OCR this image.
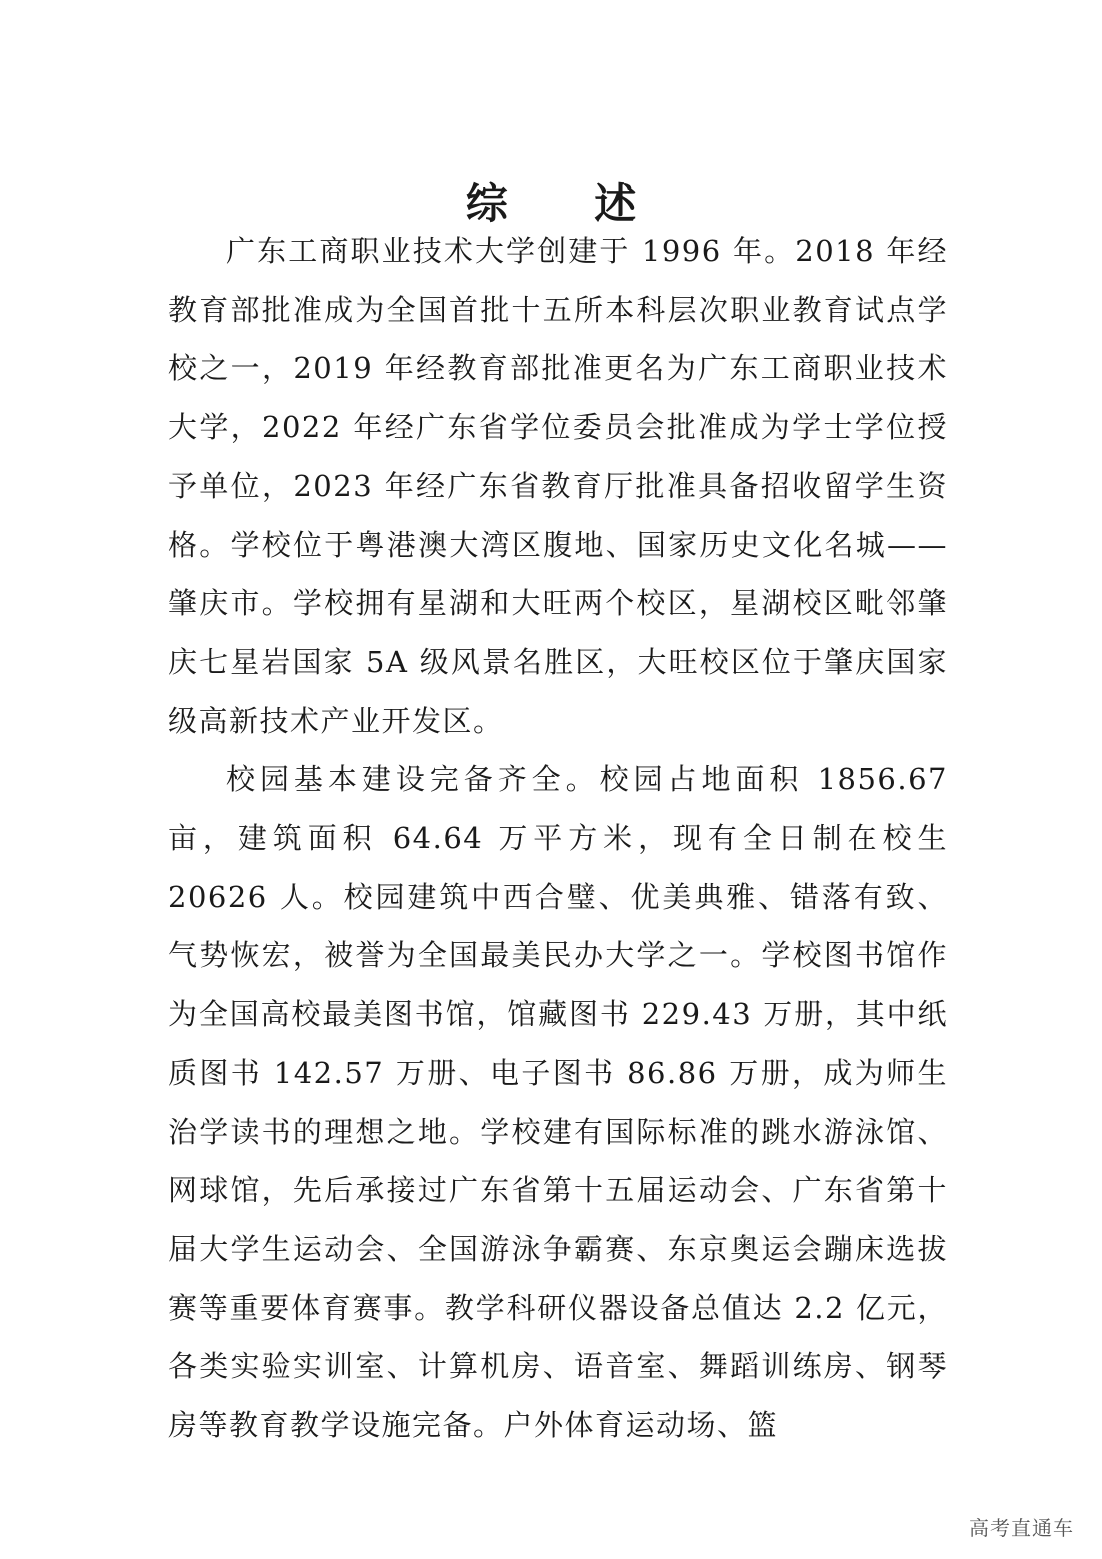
综 述

广东工商职业技术大学创建于 1996 年。2018 年经教育部批准成为全国首批十五所本科层次职业教育试点学校之一，2019 年经教育部批准更名为广东工商职业技术大学，2022 年经广东省学位委员会批准成为学士学位授予单位，2023 年经广东省教育厅批准具备招收留学生资格。学校位于粤港澳大湾区腹地、国家历史文化名城——肇庆市。学校拥有星湖和大旺两个校区，星湖校区毗邻肇庆七星岩国家 5A 级风景名胜区，大旺校区位于肇庆国家级高新技术产业开发区。

校园基本建设完备齐全。校园占地面积 1856.67 亩，建筑面积 64.64 万平方米，现有全日制在校生 20626 人。校园建筑中西合璧、优美典雅、错落有致、气势恢宏，被誉为全国最美民办大学之一。学校图书馆作为全国高校最美图书馆，馆藏图书 229.43 万册，其中纸质图书 142.57 万册、电子图书 86.86 万册，成为师生治学读书的理想之地。学校建有国际标准的跳水游泳馆、网球馆，先后承接过广东省第十五届运动会、广东省第十届大学生运动会、全国游泳争霸赛、东京奥运会蹦床选拔赛等重要体育赛事。教学科研仪器设备总值达 2.2 亿元，各类实验实训室、计算机房、语音室、舞蹈训练房、钢琴房等教育教学设施完备。户外体育运动场、篮

高考直通车
